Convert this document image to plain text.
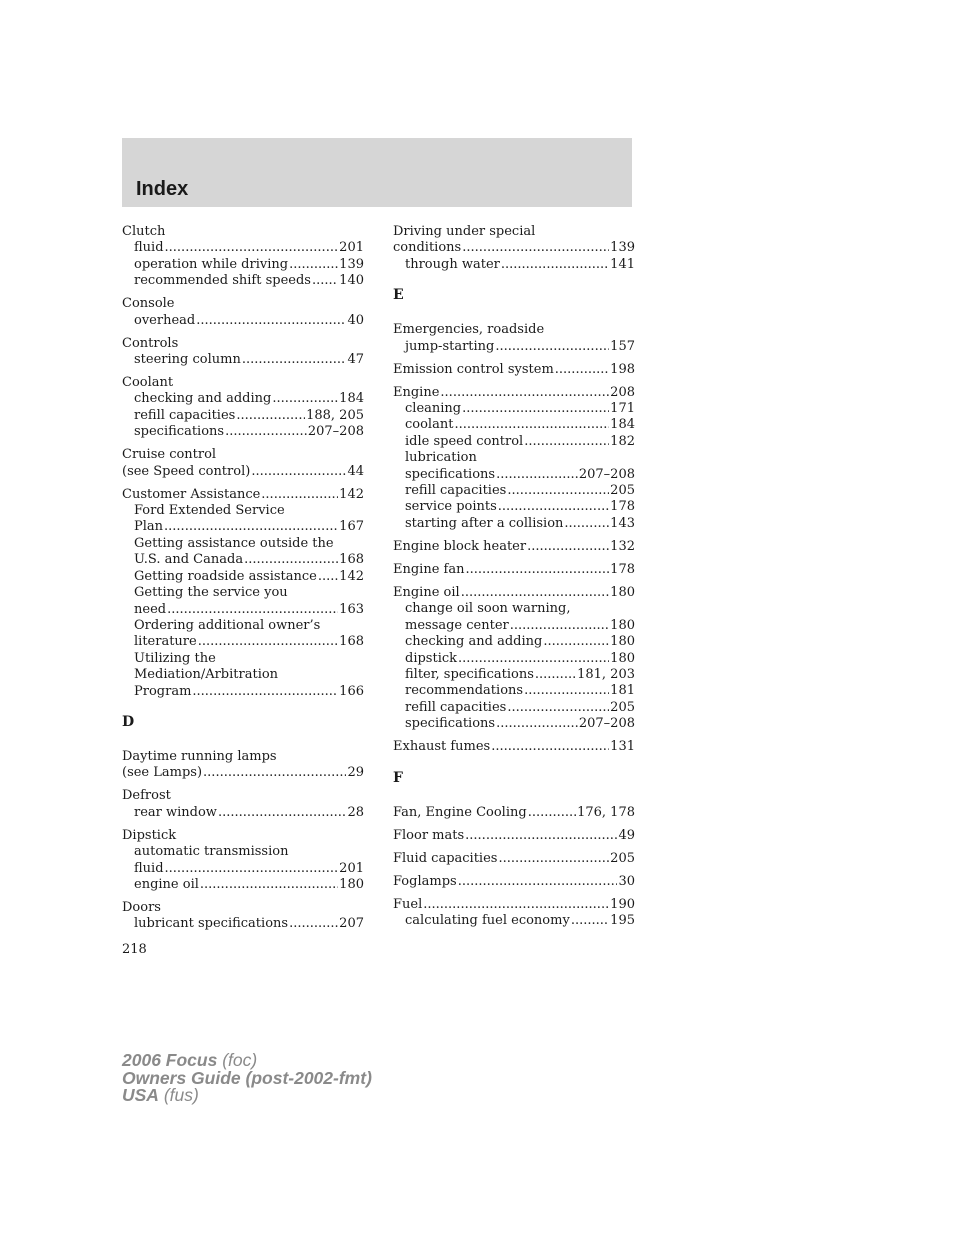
Index
Clutch
fluid .....	201
operation while driving .....	139
recommended shift speeds ..... 140
Console
overhead .....	40
Controls
steering column .....	47
Coolant
checking and adding .....	184
refill capacities .....	188, 205
specifications .....	207–208
Cruise control
(see Speed control) .....	44
Customer Assistance .....	142
Ford Extended Service
Plan .....	167
Getting assistance outside the
U.S. and Canada .....	168
Getting roadside assistance ..... 142
Getting the service you
need .....	163
Ordering additional owner’s
literature .....	168
Utilizing the
Mediation/Arbitration
Program .....	166
D
Daytime running lamps
(see Lamps) .....	29
Defrost
rear window .....	28
Dipstick
automatic transmission
fluid .....	201
engine oil .....	180
Doors
lubricant specifications .....	207
Driving under special
conditions .....	139
through water .....	141
E
Emergencies, roadside
jump-starting .....	157
Emission control system .....	198
Engine .....	208
cleaning .....	171
coolant .....	184
idle speed control .....	182
lubrication
specifications .....	207–208
refill capacities .....	205
service points .....	178
starting after a collision .....	143
Engine block heater .....	132
Engine fan .....	178
Engine oil .....	180
change oil soon warning,
message center .....	180
checking and adding .....	180
dipstick .....	180
filter, specifications .....	181, 203
recommendations .....	181
refill capacities .....	205
specifications .....	207–208
Exhaust fumes .....	131
F
Fan, Engine Cooling .....	176, 178
Floor mats .....	49
Fluid capacities .....	205
Foglamps .....	30
Fuel .....	190
calculating fuel economy .....	195
218
2006 Focus (foc)
Owners Guide (post-2002-fmt)
USA (fus)
